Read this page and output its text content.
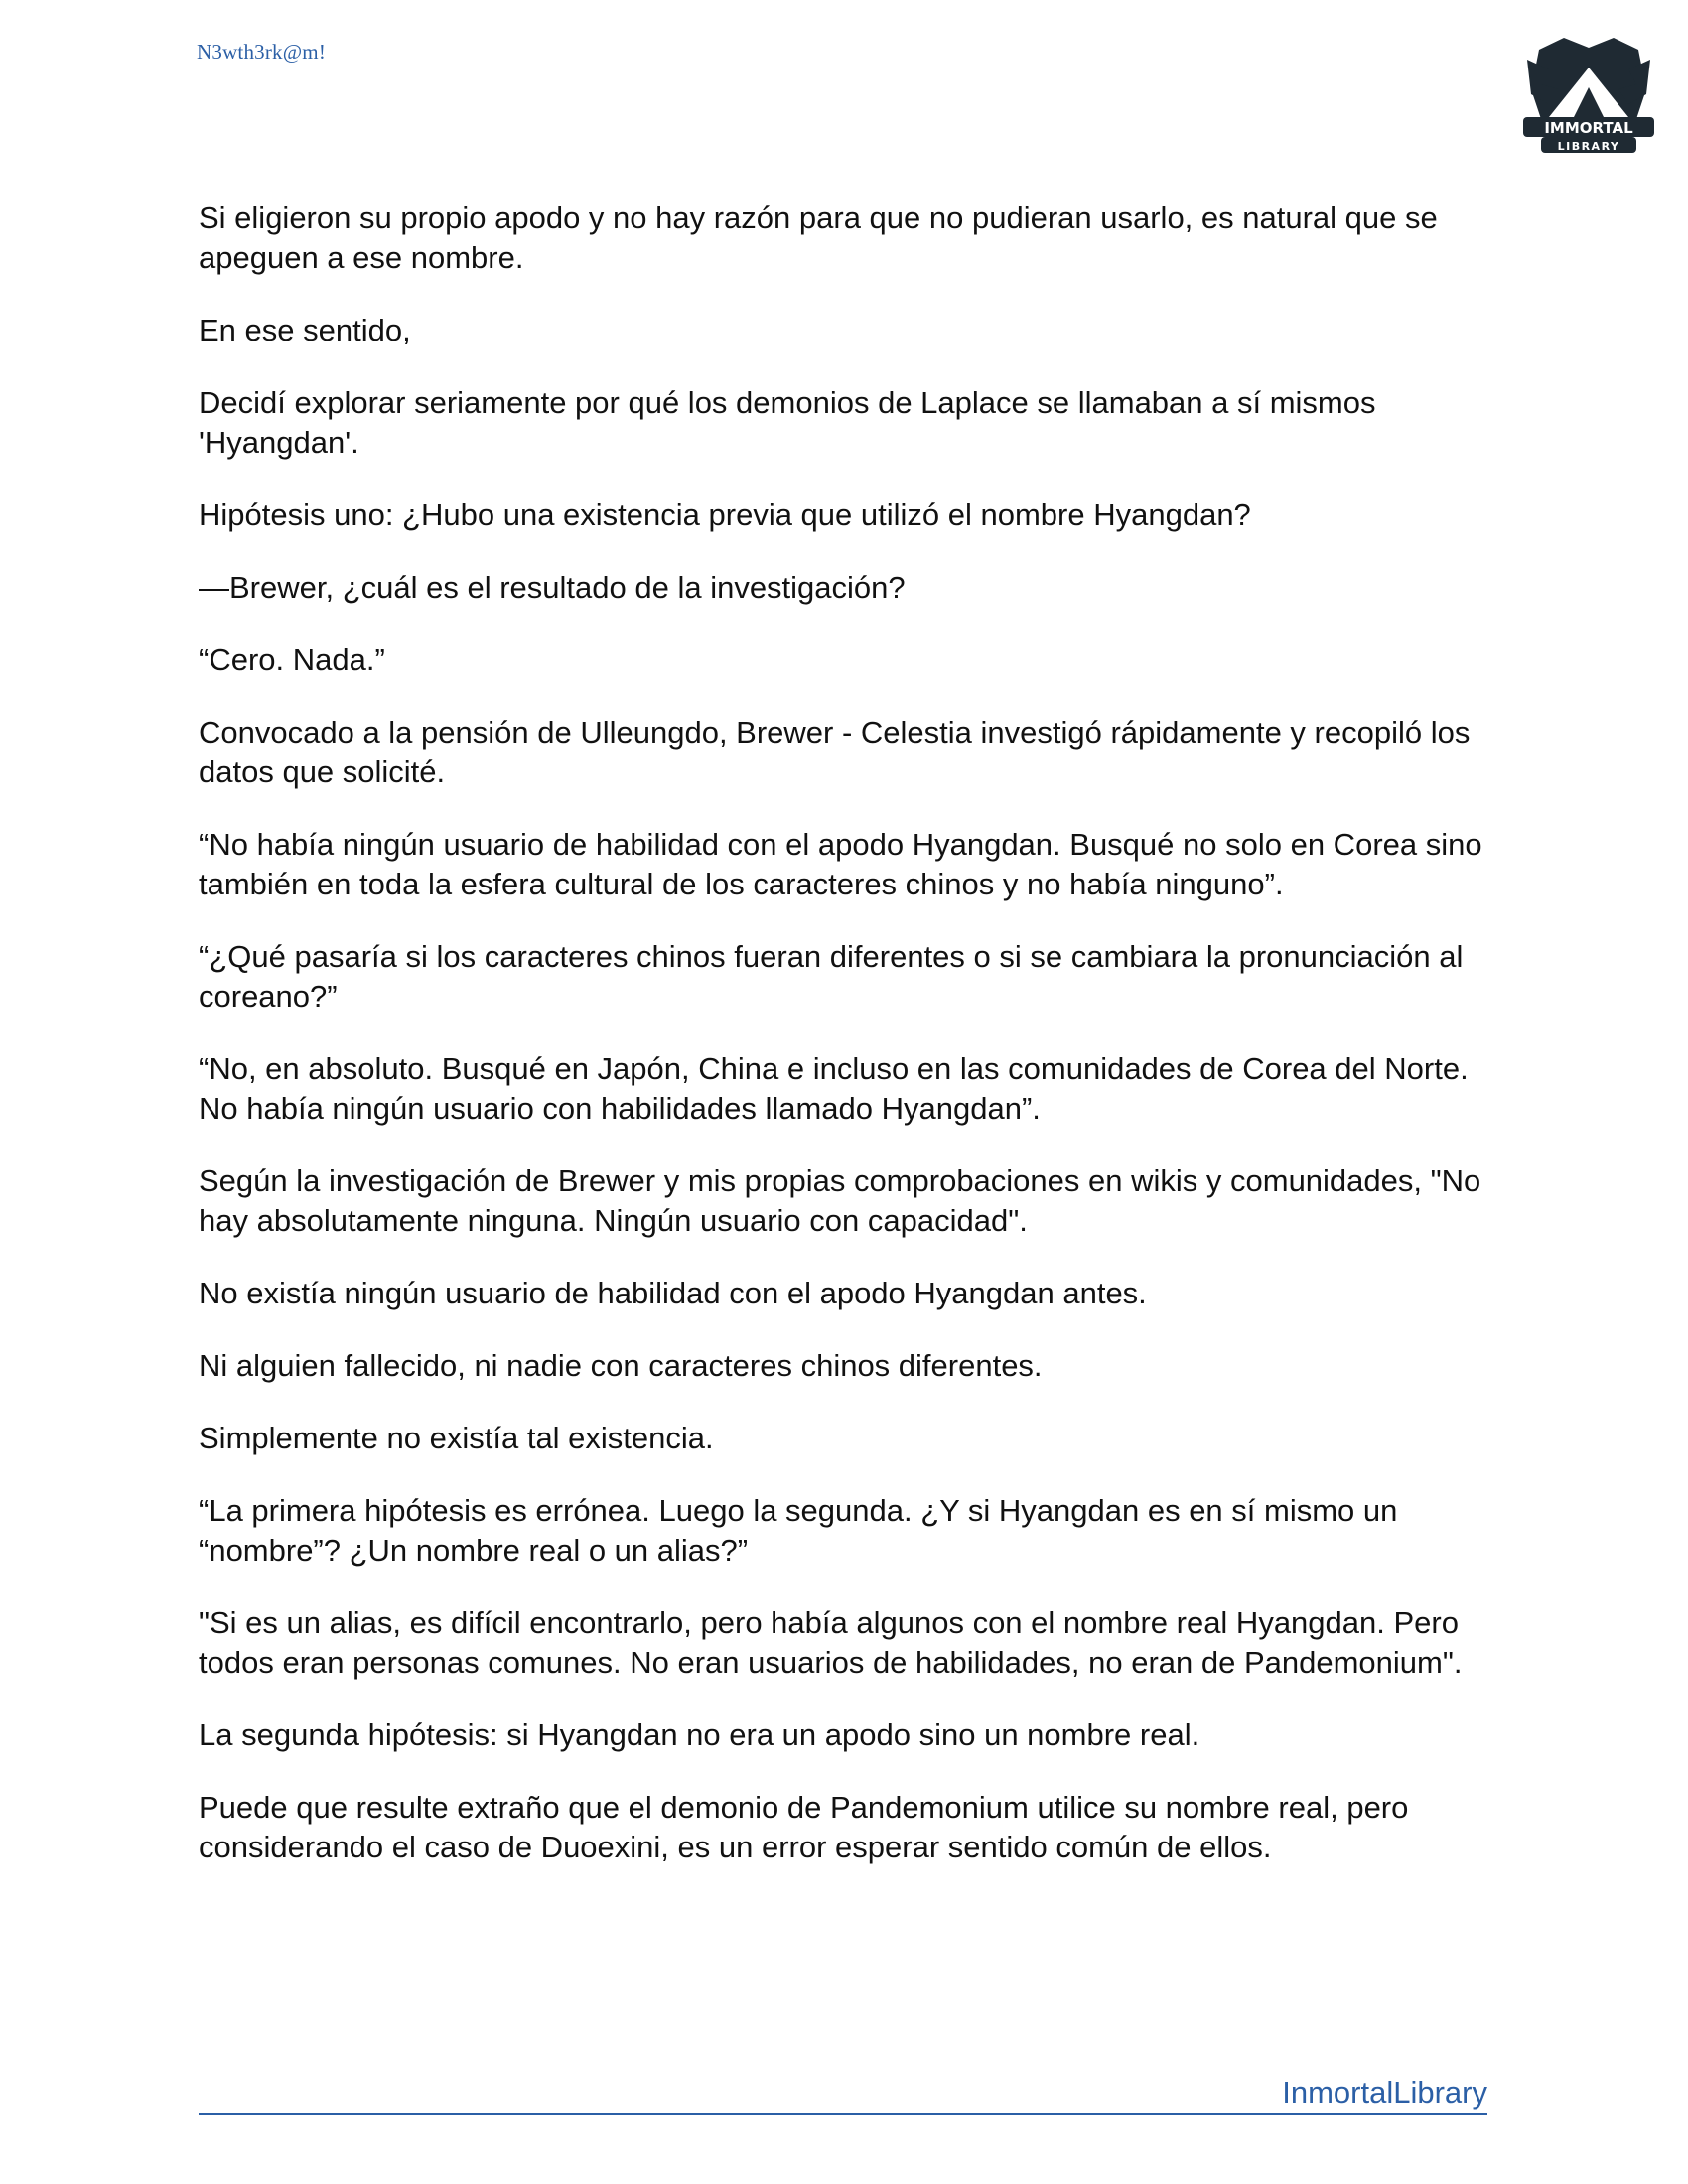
N3wth3rk@m!
IMMORTAL
LIBRARY

Si eligieron su propio apodo y no hay razón para que no pudieran usarlo, es natural que se apeguen a ese nombre.

En ese sentido,

Decidí explorar seriamente por qué los demonios de Laplace se llamaban a sí mismos 'Hyangdan'.

Hipótesis uno: ¿Hubo una existencia previa que utilizó el nombre Hyangdan?

—Brewer, ¿cuál es el resultado de la investigación?

“Cero. Nada.”

Convocado a la pensión de Ulleungdo, Brewer - Celestia investigó rápidamente y recopiló los datos que solicité.

“No había ningún usuario de habilidad con el apodo Hyangdan. Busqué no solo en Corea sino también en toda la esfera cultural de los caracteres chinos y no había ninguno”.

“¿Qué pasaría si los caracteres chinos fueran diferentes o si se cambiara la pronunciación al coreano?”

“No, en absoluto. Busqué en Japón, China e incluso en las comunidades de Corea del Norte. No había ningún usuario con habilidades llamado Hyangdan”.

Según la investigación de Brewer y mis propias comprobaciones en wikis y comunidades, "No hay absolutamente ninguna. Ningún usuario con capacidad".

No existía ningún usuario de habilidad con el apodo Hyangdan antes.

Ni alguien fallecido, ni nadie con caracteres chinos diferentes.

Simplemente no existía tal existencia.

“La primera hipótesis es errónea. Luego la segunda. ¿Y si Hyangdan es en sí mismo un “nombre”? ¿Un nombre real o un alias?”

"Si es un alias, es difícil encontrarlo, pero había algunos con el nombre real Hyangdan. Pero todos eran personas comunes. No eran usuarios de habilidades, no eran de Pandemonium".

La segunda hipótesis: si Hyangdan no era un apodo sino un nombre real.

Puede que resulte extraño que el demonio de Pandemonium utilice su nombre real, pero considerando el caso de Duoexini, es un error esperar sentido común de ellos.

InmortalLibrary
